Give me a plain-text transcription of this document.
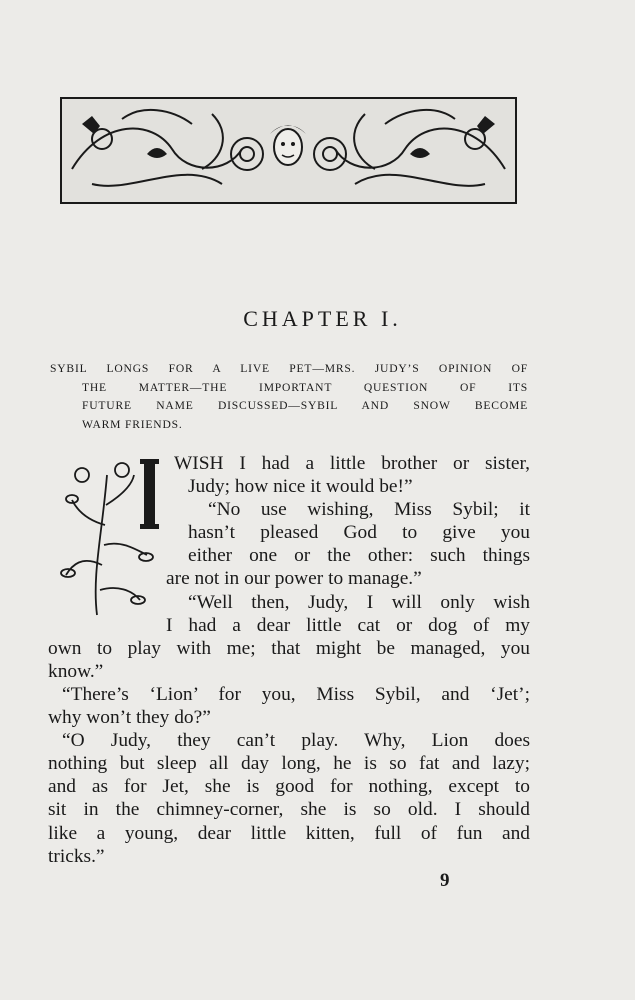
CHAPTER I.
SYBIL LONGS FOR A LIVE PET—MRS. JUDY’S OPINION OF
THE MATTER—THE IMPORTANT QUESTION OF ITS
FUTURE NAME DISCUSSED—SYBIL AND SNOW BECOME
WARM FRIENDS.
WISH I had a little brother or sister,
Judy; how nice it would be!”
“No use wishing, Miss Sybil; it
hasn’t pleased God to give you
either one or the other: such things
are not in our power to manage.”
“Well then, Judy, I will only wish
I had a dear little cat or dog of my
own to play with me; that might be managed, you
know.”
“There’s ‘Lion’ for you, Miss Sybil, and ‘Jet’;
why won’t they do?”
“O Judy, they can’t play. Why, Lion does
nothing but sleep all day long, he is so fat and lazy;
and as for Jet, she is good for nothing, except to
sit in the chimney-corner, she is so old. I should
like a young, dear little kitten, full of fun and
tricks.”
9
